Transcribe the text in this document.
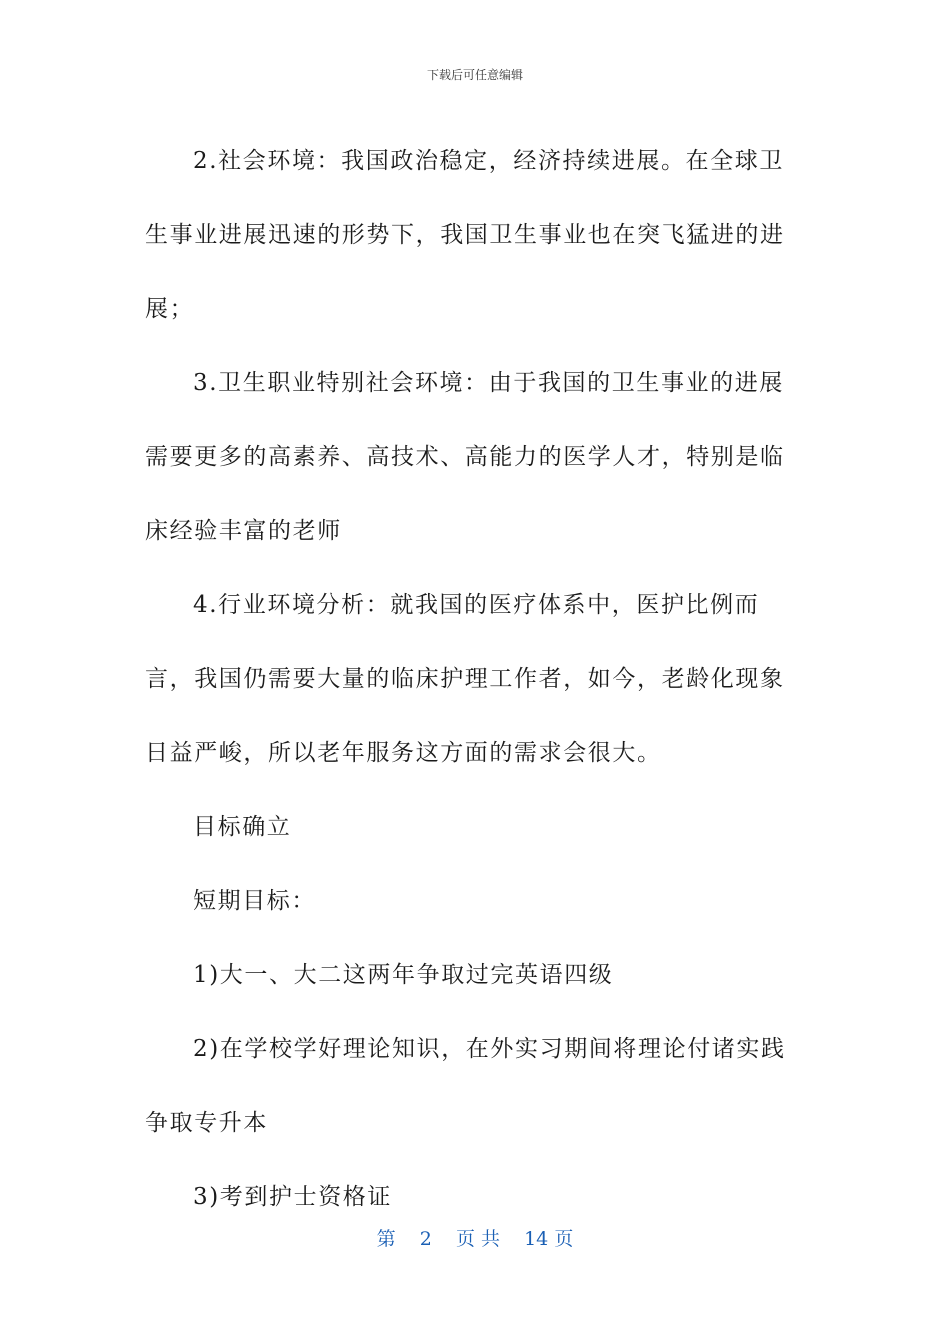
下载后可任意编辑

2.社会环境：我国政治稳定，经济持续进展。在全球卫生事业进展迅速的形势下，我国卫生事业也在突飞猛进的进展；

3.卫生职业特别社会环境：由于我国的卫生事业的进展需要更多的高素养、高技术、高能力的医学人才，特别是临床经验丰富的老师

4.行业环境分析：就我国的医疗体系中，医护比例而言，我国仍需要大量的临床护理工作者，如今，老龄化现象日益严峻，所以老年服务这方面的需求会很大。

目标确立

短期目标：

1)大一、大二这两年争取过完英语四级

2)在学校学好理论知识，在外实习期间将理论付诸实践争取专升本

3)考到护士资格证

第 2 页 共 14 页
